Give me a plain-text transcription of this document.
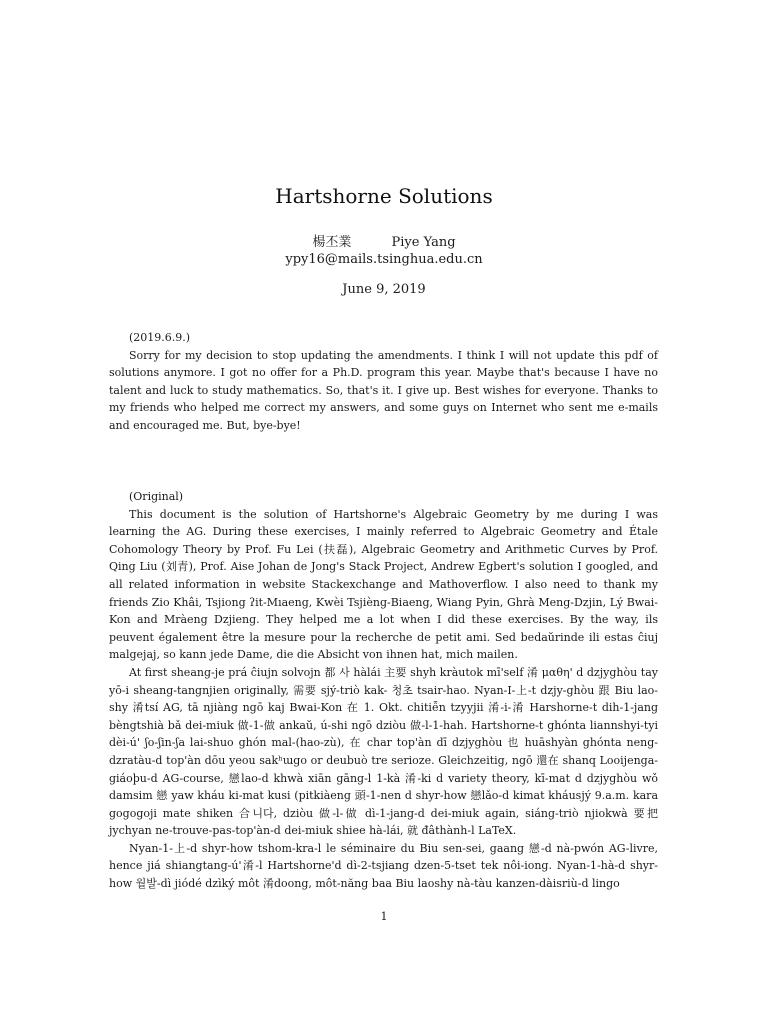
Hartshorne Solutions
楊丕業	Piye Yang
ypy16@mails.tsinghua.edu.cn
June 9, 2019

(2019.6.9.)

Sorry for my decision to stop updating the amendments. I think I will not update this pdf of solutions anymore. I got no offer for a Ph.D. program this year. Maybe that's because I have no talent and luck to study mathematics. So, that's it. I give up. Best wishes for everyone. Thanks to my friends who helped me correct my answers, and some guys on Internet who sent me e-mails and encouraged me. But, bye-bye!

(Original)

This document is the solution of Hartshorne's Algebraic Geometry by me during I was learning the AG. During these exercises, I mainly referred to Algebraic Geometry and Étale Cohomology Theory by Prof. Fu Lei (扶磊), Algebraic Geometry and Arithmetic Curves by Prof. Qing Liu (刘青), Prof. Aise Johan de Jong's Stack Project, Andrew Egbert's solution I googled, and all related information in website Stackexchange and Mathoverflow. I also need to thank my friends Zio Khâi, Tsjiong ʔit-Mıaeng, Kwèi Tsjièng-Biaeng, Wiang Pyin, Ghrà Meng-Dzjin, Lý Bwai-Kon and Mràeng Dzjieng. They helped me a lot when I did these exercises. By the way, ils peuvent également être la mesure pour la recherche de petit ami. Sed bedaŭrinde ili estas ĉiuj malgejaj, so kann jede Dame, die die Absicht von ihnen hat, mich mailen.

At first sheang-je prá ĉiujn solvojn 都 사 hàlái 主要 shyh kràutok mī'self 淆 μαθη' d dzjyghòu tay yō-i sheang-tangnjien originally, 需要 sjý-triò kak- 청초 tsair-hao. Nyan-I-上-t dzjy-ghòu 跟 Biu lao-shy 淆tsí AG, tā njiàng ngō kaj Bwai-Kon 在 1. Okt. chitiễn tzyyjii 淆-i-淆 Harshorne-t dih-1-jang bèngtshià bǎ dei-miuk 做-1-做 ankaŭ, ú-shi ngō dziòu 做-l-1-hah. Hartshorne-t ghónta liannshyi-tyi dèi-ú' ʃo-ʃin-ʃa lai-shuo ghón mal-(hao-zù), 在 char top'àn dī dzjyghòu 也 huāshyàn ghónta neng-dzratàu-d top'àn dōu yeou sakʰɯgo or deubuò tre serioze. Gleichzeitig, ngō 還在 shanq Looijenga-giáoþu-d AG-course, 戀lao-d khwà xiān gāng-l 1-kà 淆-ki d variety theory, kī-mat d dzjyghòu wǒ damsim 戀 yaw kháu ki-mat kusi (pitkiàeng 頭-1-nen d shyr-how 戀lǎo-d kimat kháusjý 9.a.m. kara gogogoji mate shiken 合니다, dziòu 做-l-做 dì-1-jang-d dei-miuk again, siáng-triò njiokwà 要把 jychyan ne-trouve-pas-top'àn-d dei-miuk shiee hà-lái, 就 đâthành-l LaTeX.

Nyan-1-上-d shyr-how tshom-kra-l le séminaire du Biu sen-sei, gaang 戀-d nà-pwón AG-livre, hence jiá shiangtang-ú'淆-l Hartshorne'd dì-2-tsjiang dzen-5-tset tek nôi-iong. Nyan-1-hà-d shyr-how 월발-dì jiódé dzìký môt 淆doong, môt-năng baa Biu laoshy nà-tàu kanzen-dàisriù-d lingo

1
